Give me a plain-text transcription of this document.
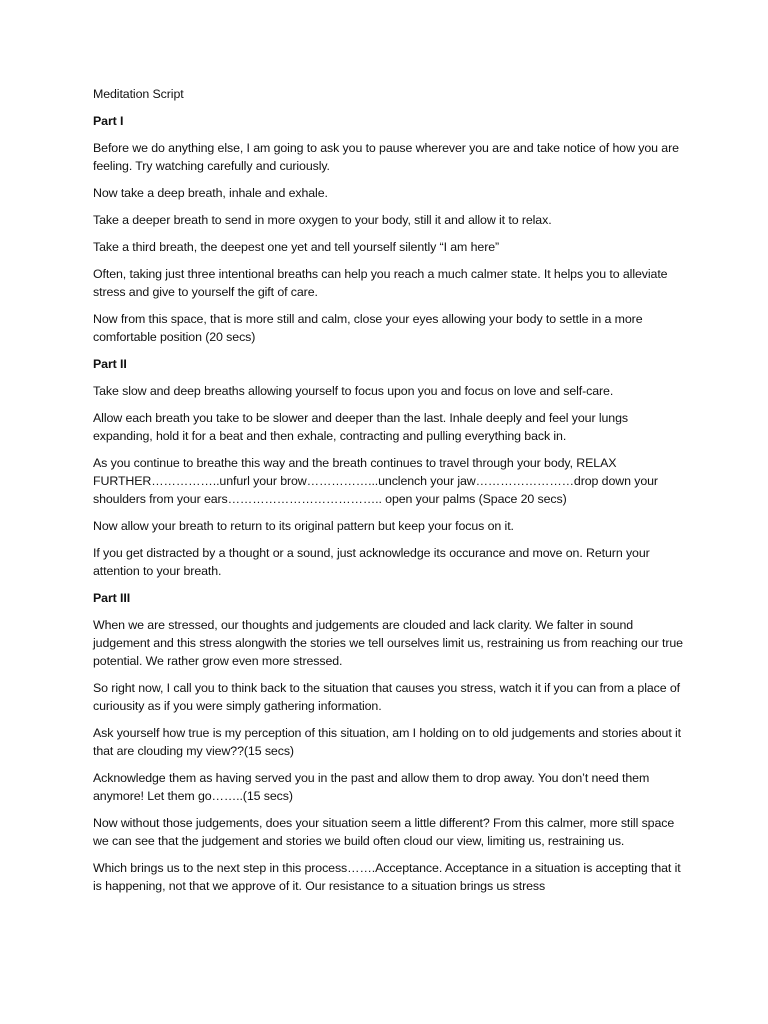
Meditation Script

Part I

Before we do anything else, I am going to ask you to pause wherever you are and take notice of how you are feeling. Try watching carefully and curiously.

Now take a deep breath, inhale and exhale.

Take a deeper breath to send in more oxygen to your body, still it and allow it to relax.

Take a third breath, the deepest one yet and tell yourself silently “I am here”

Often, taking just three intentional breaths can help you reach a much calmer state. It helps you to alleviate stress and give to yourself the gift of care.

Now from this space, that is more still and calm, close your eyes allowing your body to settle in a more comfortable position (20 secs)

Part II

Take slow and deep breaths allowing yourself to focus upon you and focus on love and self-care.

Allow each breath you take to be slower and deeper than the last. Inhale deeply and feel your lungs expanding, hold it for a beat and then exhale, contracting and pulling everything back in.

As you continue to breathe this way and the breath continues to travel through your body, RELAX FURTHER……………..unfurl your brow……………...unclench your jaw……………………drop down your shoulders from your ears……………………………….. open your palms (Space 20 secs)

Now allow your breath to return to its original pattern but keep your focus on it.

If you get distracted by a thought or a sound, just acknowledge its occurance and move on. Return your attention to your breath.

Part III

When we are stressed, our thoughts and judgements are clouded and lack clarity. We falter in sound judgement and this stress alongwith the stories we tell ourselves limit us, restraining us from reaching our true potential. We rather grow even more stressed.

So right now, I call you to think back to the situation that causes you stress, watch it if you can from a place of curiousity as if you were simply gathering information.

Ask yourself how true is my perception of this situation, am I holding on to old judgements and stories about it that are clouding my view??(15 secs)

Acknowledge them as having served you in the past and allow them to drop away. You don’t need them anymore! Let them go……..(15 secs)

Now without those judgements, does your situation seem a little different? From this calmer, more still space we can see that the judgement and stories we build often cloud our view, limiting us, restraining us.

Which brings us to the next step in this process…….Acceptance. Acceptance in a situation is accepting that it is happening, not that we approve of it. Our resistance to a situation brings us stress
